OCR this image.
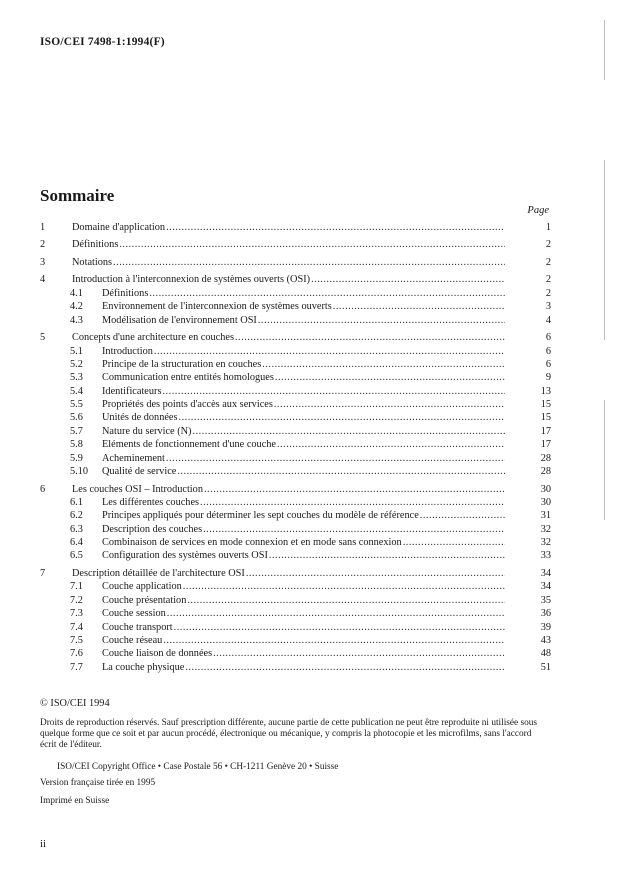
ISO/CEI 7498-1:1994(F)
Sommaire
Page
1	Domaine d'application .....	1
2	Définitions .....	2
3	Notations .....	2
4	Introduction à l'interconnexion de systèmes ouverts (OSI) .....	2
4.1	Définitions .....	2
4.2	Environnement de l'interconnexion de systèmes ouverts .....	3
4.3	Modélisation de l'environnement OSI .....	4
5	Concepts d'une architecture en couches .....	6
5.1	Introduction .....	6
5.2	Principe de la structuration en couches .....	6
5.3	Communication entre entités homologues .....	9
5.4	Identificateurs .....	13
5.5	Propriétés des points d'accès aux services .....	15
5.6	Unités de données .....	15
5.7	Nature du service (N) .....	17
5.8	Eléments de fonctionnement d'une couche .....	17
5.9	Acheminement .....	28
5.10	Qualité de service .....	28
6	Les couches OSI – Introduction .....	30
6.1	Les différentes couches .....	30
6.2	Principes appliqués pour déterminer les sept couches du modèle de référence .....	31
6.3	Description des couches .....	32
6.4	Combinaison de services en mode connexion et en mode sans connexion .....	32
6.5	Configuration des systèmes ouverts OSI .....	33
7	Description détaillée de l'architecture OSI .....	34
7.1	Couche application .....	34
7.2	Couche présentation .....	35
7.3	Couche session .....	36
7.4	Couche transport .....	39
7.5	Couche réseau .....	43
7.6	Couche liaison de données .....	48
7.7	La couche physique .....	51
© ISO/CEI 1994
Droits de reproduction réservés. Sauf prescription différente, aucune partie de cette publication ne peut être reproduite ni utilisée sous quelque forme que ce soit et par aucun procédé, électronique ou mécanique, y compris la photocopie et les microfilms, sans l'accord écrit de l'éditeur.
ISO/CEI Copyright Office • Case Postale 56 • CH-1211 Genève 20 • Suisse
Version française tirée en 1995
Imprimé en Suisse
ii
